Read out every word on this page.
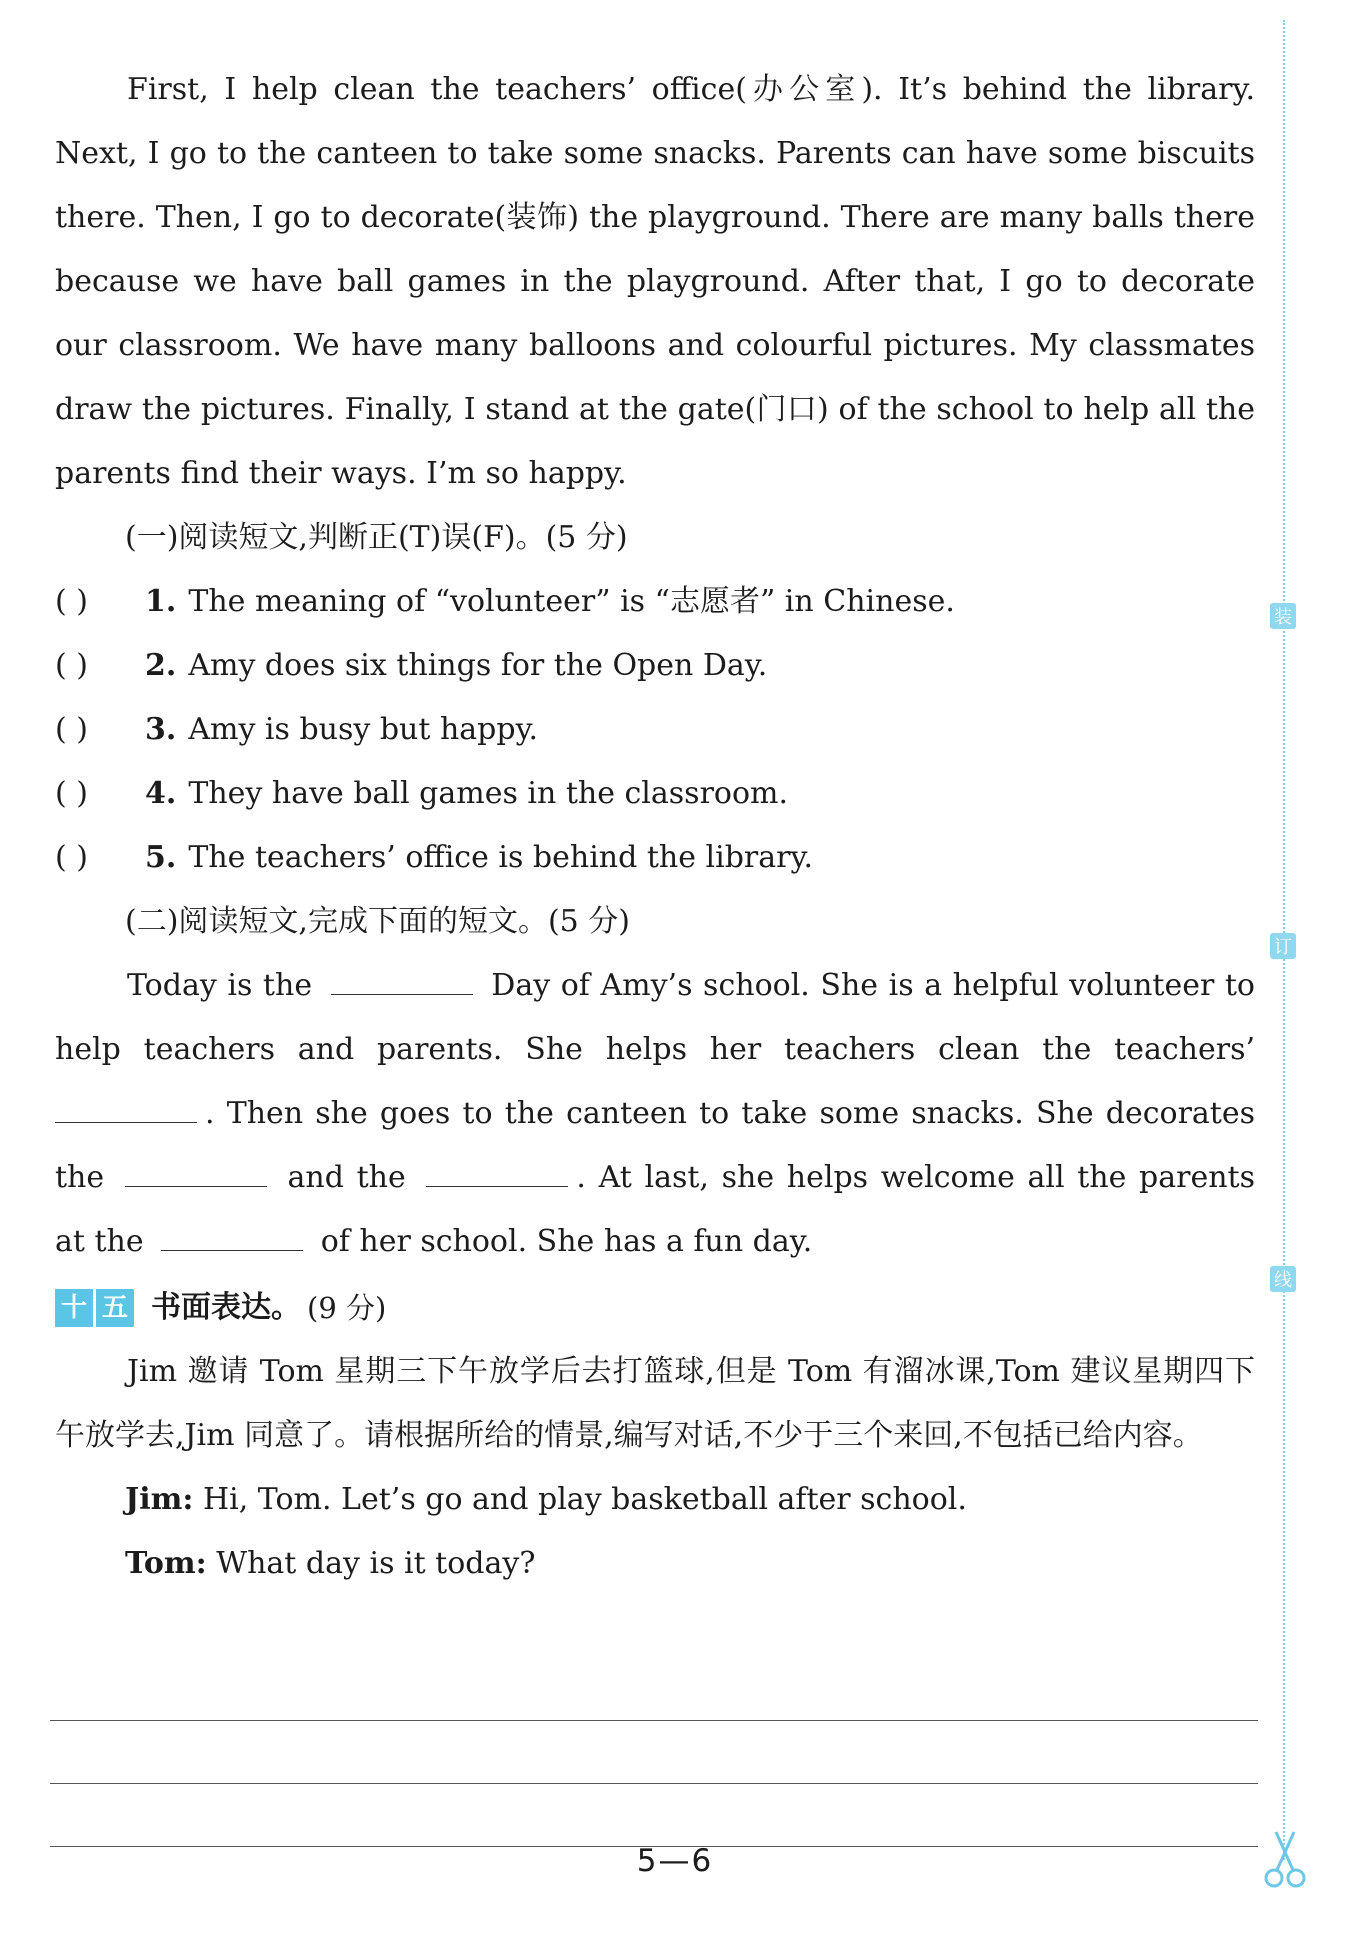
First, I help clean the teachers’ office(办公室). It’s behind the library. Next, I go to the canteen to take some snacks. Parents can have some biscuits there. Then, I go to decorate(装饰) the playground. There are many balls there because we have ball games in the playground. After that, I go to decorate our classroom. We have many balloons and colourful pictures. My classmates draw the pictures. Finally, I stand at the gate(门口) of the school to help all the parents find their ways. I’m so happy.

(一)阅读短文,判断正(T)误(F)。(5 分)

( )	1. The meaning of “volunteer” is “志愿者” in Chinese.

( )	2. Amy does six things for the Open Day.

( )	3. Amy is busy but happy.

( )	4. They have ball games in the classroom.

( )	5. The teachers’ office is behind the library.

(二)阅读短文,完成下面的短文。(5 分)

Today is the	Day of Amy’s school. She is a helpful volunteer to help teachers and parents. She helps her teachers clean the teachers’ . Then she goes to the canteen to take some snacks. She decorates the	and the	. At last, she helps welcome all the parents at the	of her school. She has a fun day.

十 五 书面表达。 (9 分)

Jim 邀请 Tom 星期三下午放学后去打篮球,但是 Tom 有溜冰课,Tom 建议星期四下午放学去,Jim 同意了。请根据所给的情景,编写对话,不少于三个来回,不包括已给内容。

Jim: Hi, Tom. Let’s go and play basketball after school.

Tom: What day is it today?

5—6
装
订
线
